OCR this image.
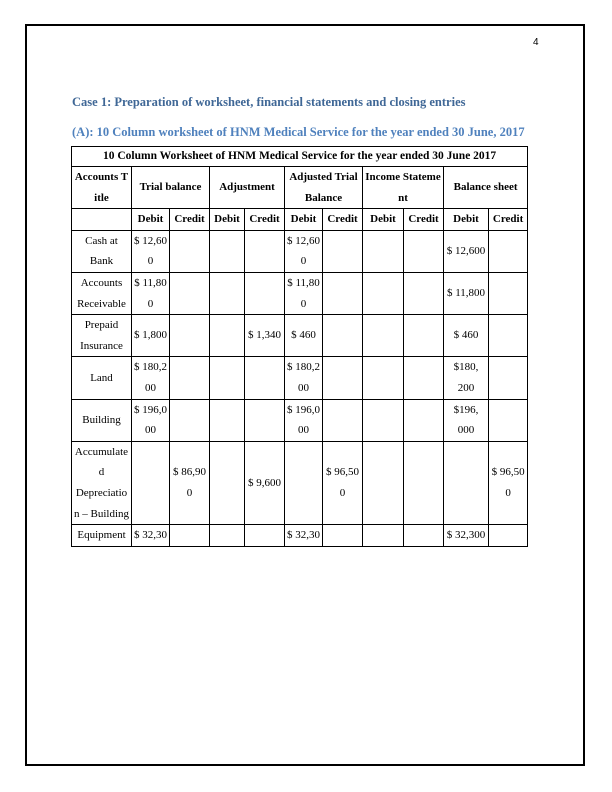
4
Case 1: Preparation of worksheet, financial statements and closing entries
(A): 10 Column worksheet of HNM Medical Service for the year ended 30 June, 2017
10 Column Worksheet of HNM Medical Service for the year ended 30 June 2017										
Accounts Title	Trial balance		Adjustment		Adjusted Trial Balance		Income Statement		Balance sheet	
	Debit	Credit	Debit	Credit	Debit	Credit	Debit	Credit	Debit	Credit
Cash at Bank	$ 12,600				$ 12,600				$ 12,600	
Accounts Receivable	$ 11,800				$ 11,800				$ 11,800	
Prepaid Insurance	$ 1,800			$ 1,340	$ 460				$ 460	
Land	$ 180,200				$ 180,200				$180, 200	
Building	$ 196,000				$ 196,000				$196, 000	
Accumulated Depreciation – Building		$ 86,900		$ 9,600		$ 96,500				$ 96,500
Equipment	$ 32,30				$ 32,30				$ 32,300	
